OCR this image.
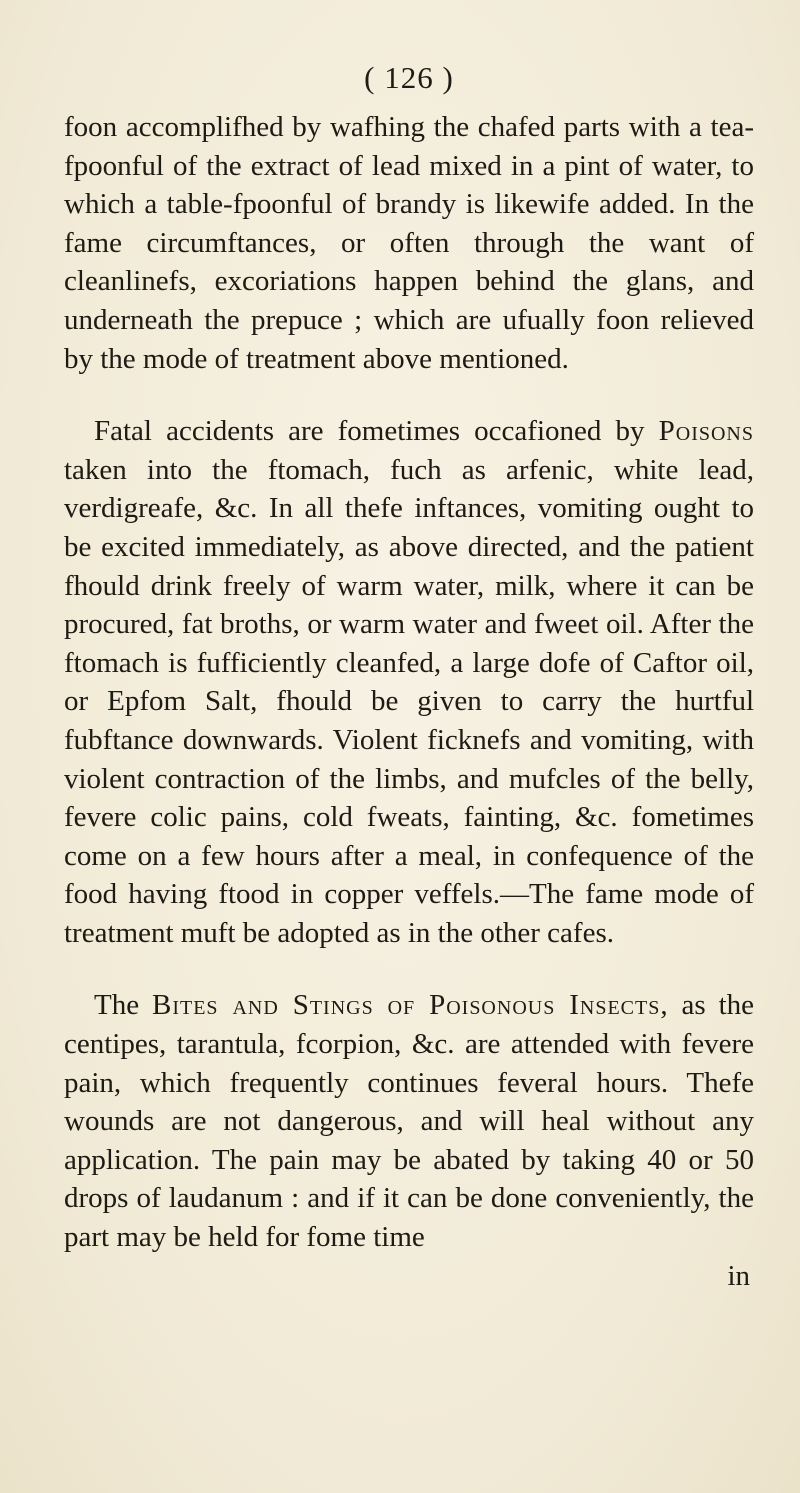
( 126 )

foon accomplifhed by wafhing the chafed parts with a tea-fpoonful of the extract of lead mixed in a pint of water, to which a table-fpoonful of brandy is likewife added. In the fame circumftances, or often through the want of cleanlinefs, excoriations happen behind the glans, and underneath the prepuce ; which are ufually foon relieved by the mode of treatment above mentioned.

Fatal accidents are fometimes occafioned by Poisons taken into the ftomach, fuch as arfenic, white lead, verdigreafe, &c. In all thefe inftances, vomiting ought to be excited immediately, as above directed, and the patient fhould drink freely of warm water, milk, where it can be procured, fat broths, or warm water and fweet oil. After the ftomach is fufficiently cleanfed, a large dofe of Caftor oil, or Epfom Salt, fhould be given to carry the hurtful fubftance downwards. Violent ficknefs and vomiting, with violent contraction of the limbs, and mufcles of the belly, fevere colic pains, cold fweats, fainting, &c. fometimes come on a few hours after a meal, in confequence of the food having ftood in copper veffels.—The fame mode of treatment muft be adopted as in the other cafes.

The Bites and Stings of Poisonous Insects, as the centipes, tarantula, fcorpion, &c. are attended with fevere pain, which frequently continues feveral hours. Thefe wounds are not dangerous, and will heal without any application. The pain may be abated by taking 40 or 50 drops of laudanum : and if it can be done conveniently, the part may be held for fome time

in
